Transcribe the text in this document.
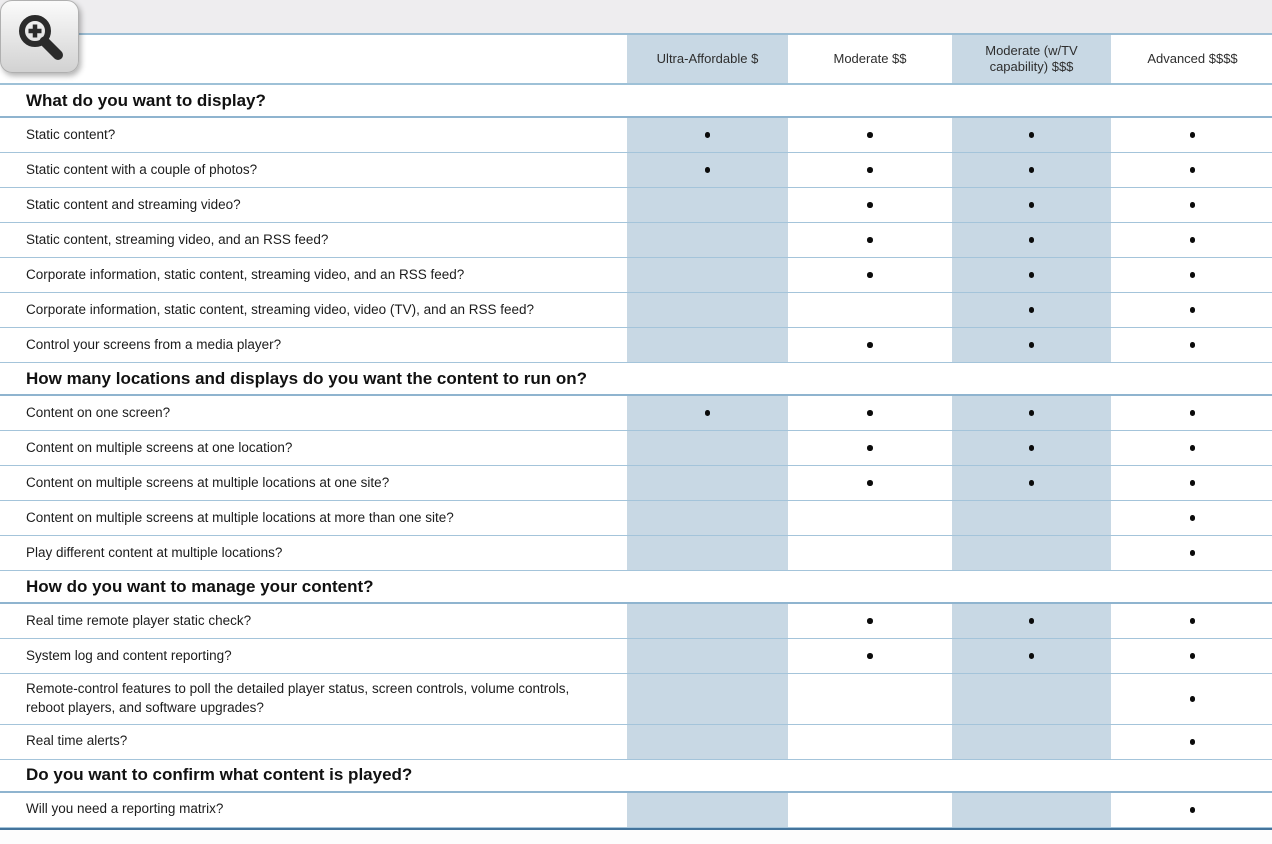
Ultra-Affordable $	Moderate $$
Moderate (w/TV capability) $$$
Advanced $$$$
What do you want to display?
Static content?
Static content with a couple of photos?
Static content and streaming video?
Static content, streaming video, and an RSS feed?
Corporate information, static content, streaming video, and an RSS feed?
Corporate information, static content, streaming video, video (TV), and an RSS feed?
Control your screens from a media player?
How many locations and displays do you want the content to run on?
Content on one screen?
Content on multiple screens at one location?
Content on multiple screens at multiple locations at one site?
Content on multiple screens at multiple locations at more than one site?
Play different content at multiple locations?
How do you want to manage your content?
Real time remote player static check?
System log and content reporting?
Remote-control features to poll the detailed player status, screen controls, volume controls, reboot players, and software upgrades?
Real time alerts?
Do you want to confirm what content is played?
Will you need a reporting matrix?
